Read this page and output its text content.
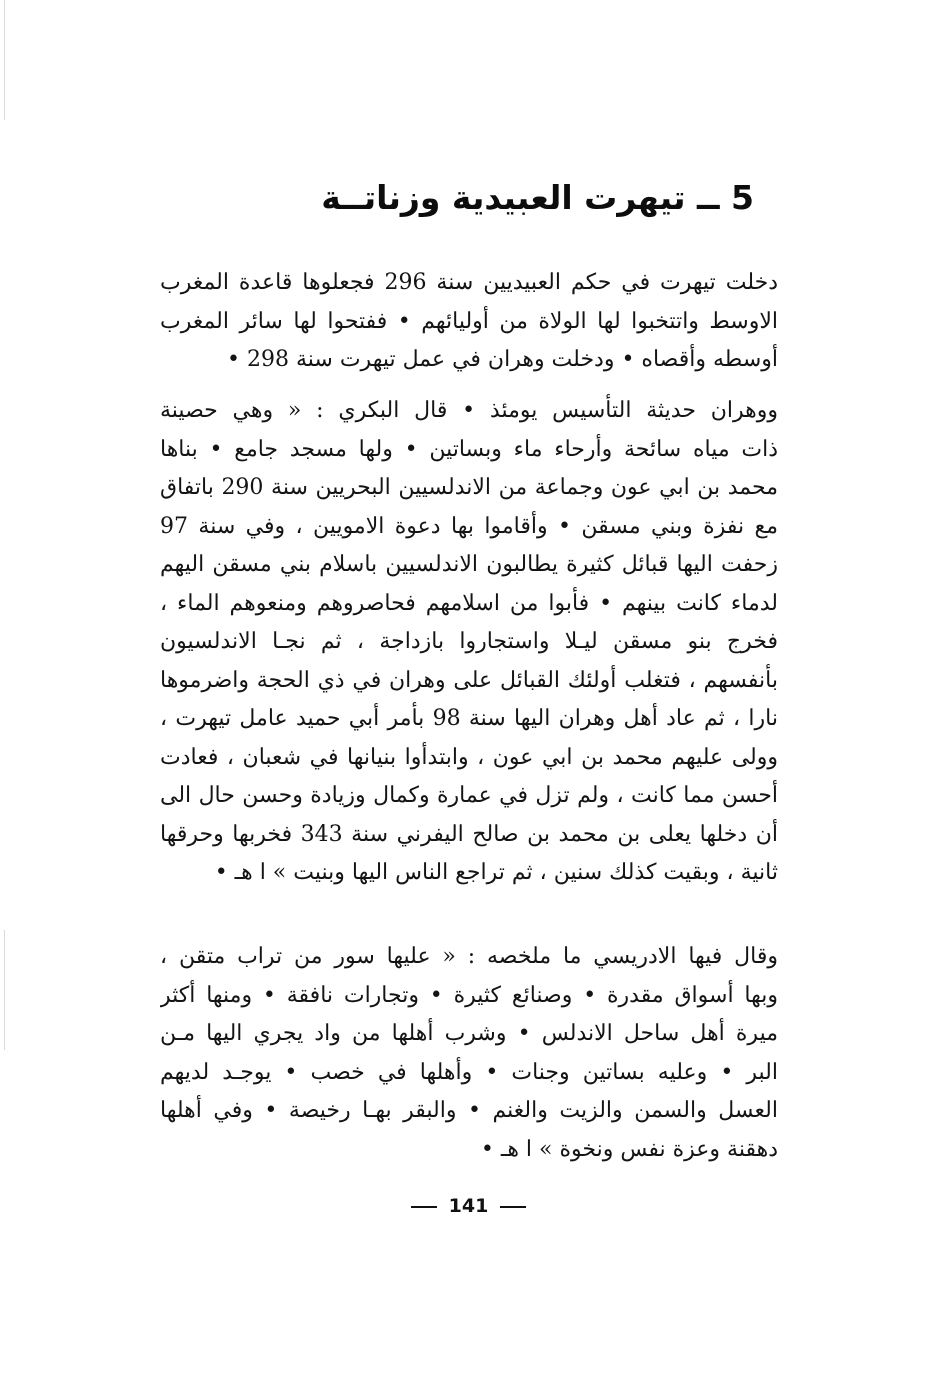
5 ــ تيهرت العبيدية وزناتــة
دخلت تيهرت في حكم العبيديين سنة 296 فجعلوها قاعدة المغرب
الاوسط واتتخبوا لها الولاة من أوليائهم • ففتحوا لها سائر المغرب
أوسطه وأقصاه • ودخلت وهران في عمل تيهرت سنة 298 •
ووهران حديثة التأسيس يومئذ • قال البكري : « وهي حصينة
ذات مياه سائحة وأرحاء ماء وبساتين • ولها مسجد جامع • بناها
محمد بن ابي عون وجماعة من الاندلسيين البحريين سنة 290 باتفاق
مع نفزة وبني مسقن • وأقاموا بها دعوة الامويين ، وفي سنة 97
زحفت اليها قبائل كثيرة يطالبون الاندلسيين باسلام بني مسقن اليهم
لدماء كانت بينهم • فأبوا من اسلامهم فحاصروهم ومنعوهم الماء ،
فخرج بنو مسقن ليـلا واستجاروا بازداجة ، ثم نجـا الاندلسيون
بأنفسهم ، فتغلب أولئك القبائل على وهران في ذي الحجة واضرموها
نارا ، ثم عاد أهل وهران اليها سنة 98 بأمر أبي حميد عامل تيهرت ،
وولى عليهم محمد بن ابي عون ، وابتدأوا بنيانها في شعبان ، فعادت
أحسن مما كانت ، ولم تزل في عمارة وكمال وزيادة وحسن حال الى
أن دخلها يعلى بن محمد بن صالح اليفرني سنة 343 فخربها وحرقها
ثانية ، وبقيت كذلك سنين ، ثم تراجع الناس اليها وبنيت » ا هـ •
وقال فيها الادريسي ما ملخصه : « عليها سور من تراب متقن ،
وبها أسواق مقدرة • وصنائع كثيرة • وتجارات نافقة • ومنها أكثر
ميرة أهل ساحل الاندلس • وشرب أهلها من واد يجري اليها مـن
البر • وعليه بساتين وجنات • وأهلها في خصب • يوجـد لديهم
العسل والسمن والزيت والغنم • والبقر بهـا رخيصة • وفي أهلها
دهقنة وعزة نفس ونخوة » ا هـ •
141
